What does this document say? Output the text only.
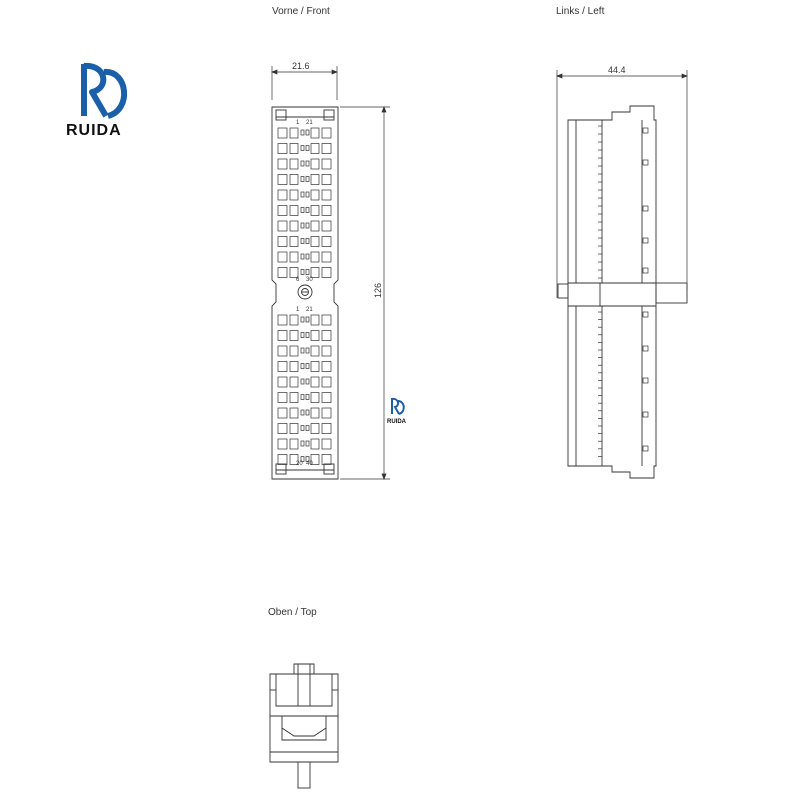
RUIDA
Vorne / Front	Links / Left
Oben / Top
21.6
126
1 21
6 30
1 21
20 40
RUIDA
44.4
